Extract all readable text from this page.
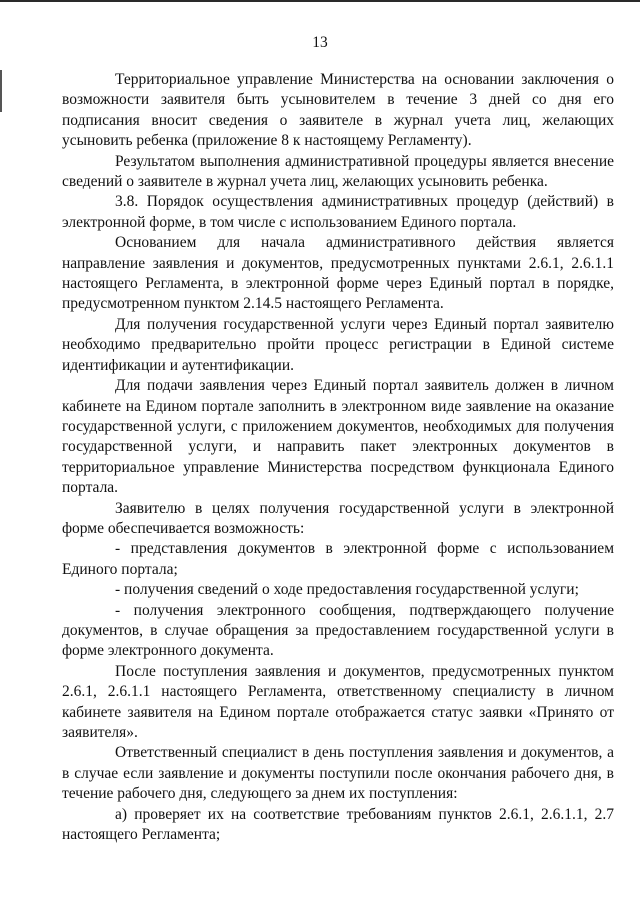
13

Территориальное управление Министерства на основании заключения о возможности заявителя быть усыновителем в течение 3 дней со дня его подписания вносит сведения о заявителе в журнал учета лиц, желающих усыновить ребенка (приложение 8 к настоящему Регламенту).

Результатом выполнения административной процедуры является внесение сведений о заявителе в журнал учета лиц, желающих усыновить ребенка.

3.8. Порядок осуществления административных процедур (действий) в электронной форме, в том числе с использованием Единого портала.

Основанием для начала административного действия является направление заявления и документов, предусмотренных пунктами 2.6.1, 2.6.1.1 настоящего Регламента, в электронной форме через Единый портал в порядке, предусмотренном пунктом 2.14.5 настоящего Регламента.

Для получения государственной услуги через Единый портал заявителю необходимо предварительно пройти процесс регистрации в Единой системе идентификации и аутентификации.

Для подачи заявления через Единый портал заявитель должен в личном кабинете на Едином портале заполнить в электронном виде заявление на оказание государственной услуги, с приложением документов, необходимых для получения государственной услуги, и направить пакет электронных документов в территориальное управление Министерства посредством функционала Единого портала.

Заявителю в целях получения государственной услуги в электронной форме обеспечивается возможность:

- представления документов в электронной форме с использованием Единого портала;

- получения сведений о ходе предоставления государственной услуги;

- получения электронного сообщения, подтверждающего получение документов, в случае обращения за предоставлением государственной услуги в форме электронного документа.

После поступления заявления и документов, предусмотренных пунктом 2.6.1, 2.6.1.1 настоящего Регламента, ответственному специалисту в личном кабинете заявителя на Едином портале отображается статус заявки «Принято от заявителя».

Ответственный специалист в день поступления заявления и документов, а в случае если заявление и документы поступили после окончания рабочего дня, в течение рабочего дня, следующего за днем их поступления:

а) проверяет их на соответствие требованиям пунктов 2.6.1, 2.6.1.1, 2.7 настоящего Регламента;
